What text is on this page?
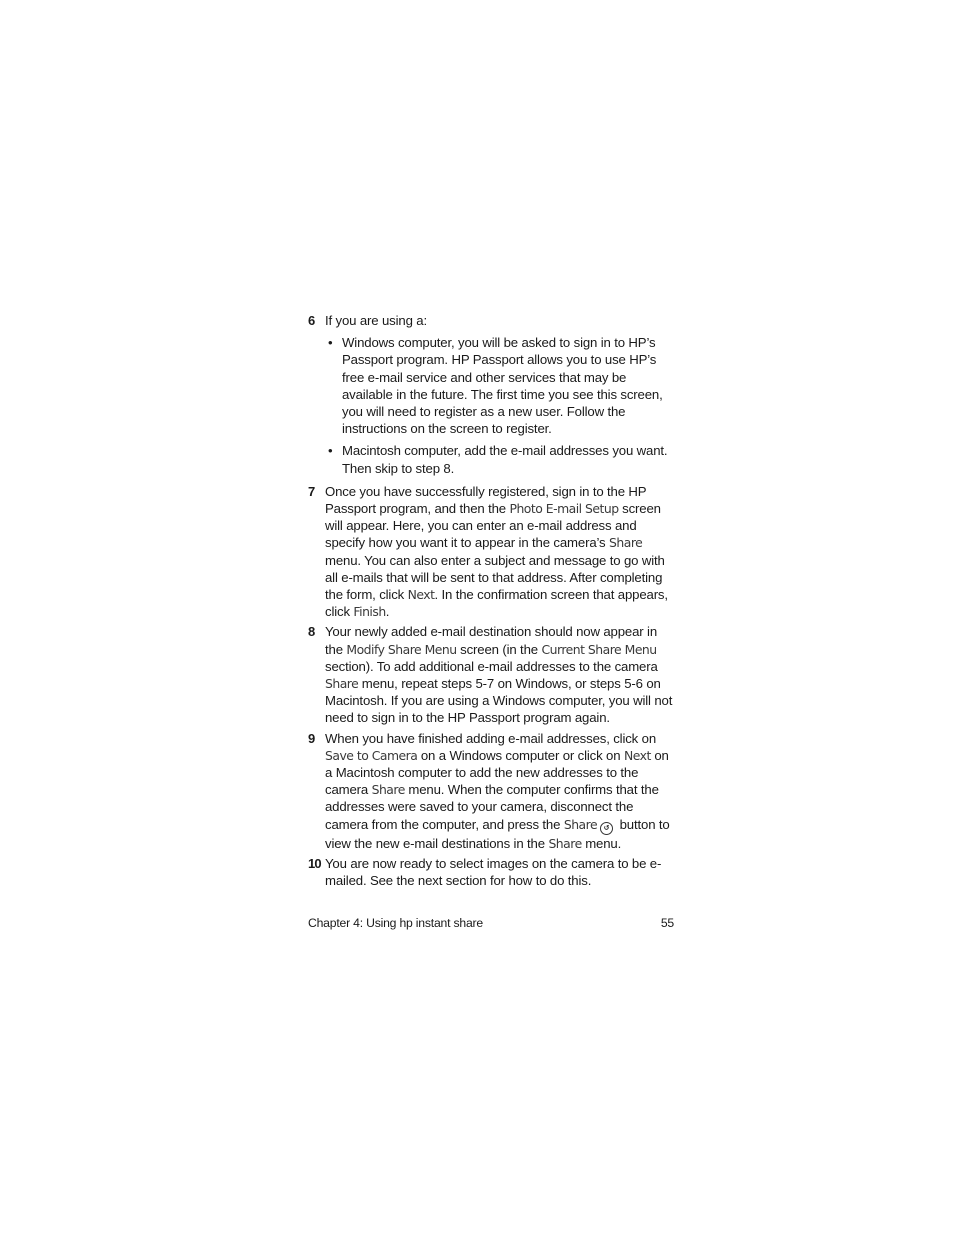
6 If you are using a:
• Windows computer, you will be asked to sign in to HP’s Passport program. HP Passport allows you to use HP’s free e-mail service and other services that may be available in the future. The first time you see this screen, you will need to register as a new user. Follow the instructions on the screen to register.
• Macintosh computer, add the e-mail addresses you want. Then skip to step 8.
7 Once you have successfully registered, sign in to the HP Passport program, and then the Photo E-mail Setup screen will appear. Here, you can enter an e-mail address and specify how you want it to appear in the camera’s Share menu. You can also enter a subject and message to go with all e-mails that will be sent to that address. After completing the form, click Next. In the confirmation screen that appears, click Finish.
8 Your newly added e-mail destination should now appear in the Modify Share Menu screen (in the Current Share Menu section). To add additional e-mail addresses to the camera Share menu, repeat steps 5-7 on Windows, or steps 5-6 on Macintosh. If you are using a Windows computer, you will not need to sign in to the HP Passport program again.
9 When you have finished adding e-mail addresses, click on Save to Camera on a Windows computer or click on Next on a Macintosh computer to add the new addresses to the camera Share menu. When the computer confirms that the addresses were saved to your camera, disconnect the camera from the computer, and press the Share ↺ button to view the new e-mail destinations in the Share menu.
10 You are now ready to select images on the camera to be e-mailed. See the next section for how to do this.
Chapter 4: Using hp instant share	55
